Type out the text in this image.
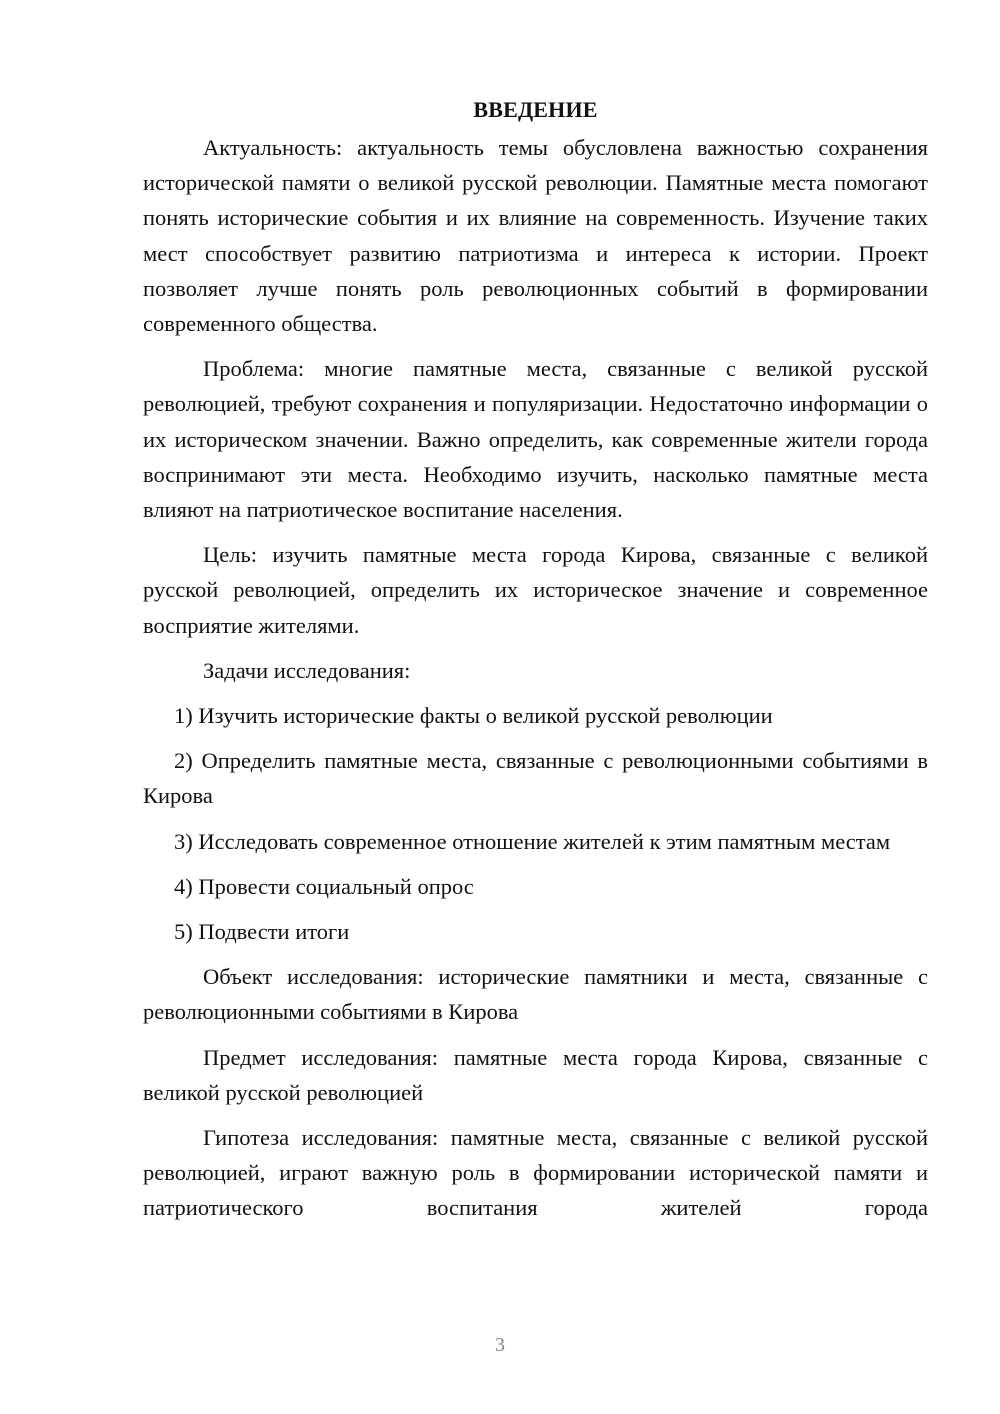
ВВЕДЕНИЕ

Актуальность: актуальность темы обусловлена важностью сохранения исторической памяти о великой русской революции. Памятные места помогают понять исторические события и их влияние на современность. Изучение таких мест способствует развитию патриотизма и интереса к истории. Проект позволяет лучше понять роль революционных событий в формировании современного общества.

Проблема: многие памятные места, связанные с великой русской революцией, требуют сохранения и популяризации. Недостаточно информации о их историческом значении. Важно определить, как современные жители города воспринимают эти места. Необходимо изучить, насколько памятные места влияют на патриотическое воспитание населения.

Цель: изучить памятные места города Кирова, связанные с великой русской революцией, определить их историческое значение и современное восприятие жителями.

Задачи исследования:

1) Изучить исторические факты о великой русской революции

2) Определить памятные места, связанные с революционными событиями в Кирова

3) Исследовать современное отношение жителей к этим памятным местам

4) Провести социальный опрос

5) Подвести итоги

Объект исследования: исторические памятники и места, связанные с революционными событиями в Кирова

Предмет исследования: памятные места города Кирова, связанные с великой русской революцией

Гипотеза исследования: памятные места, связанные с великой русской революцией, играют важную роль в формировании исторической памяти и патриотического воспитания жителей города

3
